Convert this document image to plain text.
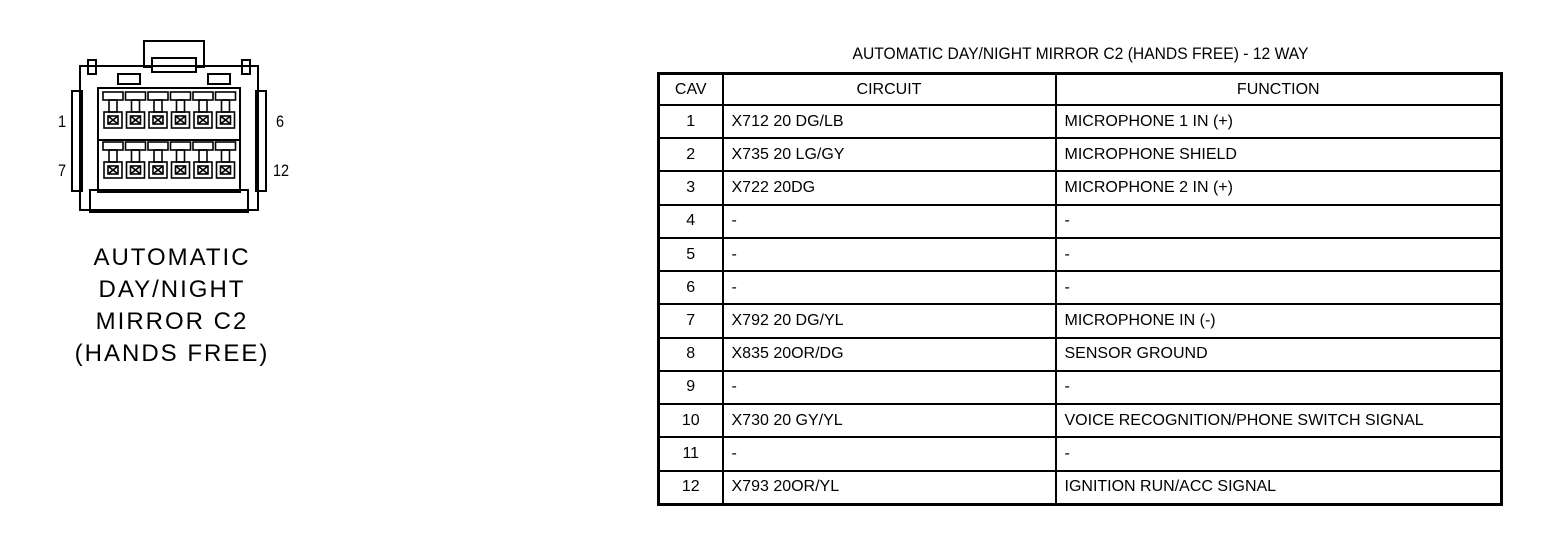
1	6
7	12
AUTOMATIC
DAY/NIGHT
MIRROR C2
(HANDS FREE)
AUTOMATIC DAY/NIGHT MIRROR C2 (HANDS FREE) - 12 WAY
CAV	CIRCUIT	FUNCTION
1	X712 20 DG/LB	MICROPHONE 1 IN (+)
2	X735 20 LG/GY	MICROPHONE SHIELD
3	X722 20DG	MICROPHONE 2 IN (+)
4	-	-
5	-	-
6	-	-
7	X792 20 DG/YL	MICROPHONE IN (-)
8	X835 20OR/DG	SENSOR GROUND
9	-	-
10	X730 20 GY/YL	VOICE RECOGNITION/PHONE SWITCH SIGNAL
11	-	-
12	X793 20OR/YL	IGNITION RUN/ACC SIGNAL
